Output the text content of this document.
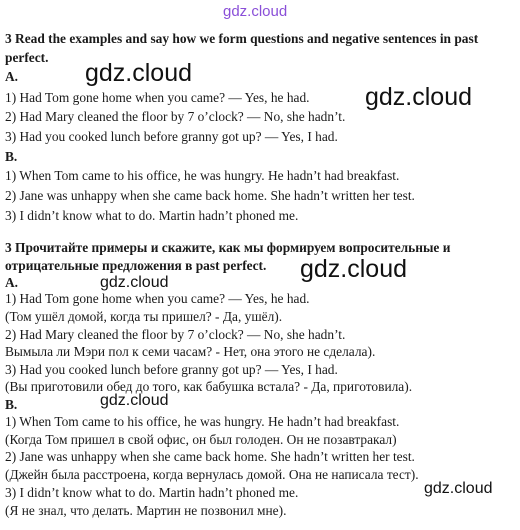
gdz.cloud
gdz.cloud
gdz.cloud
gdz.cloud
gdz.cloud
gdz.cloud
gdz.cloud
3 Read the examples and say how we form questions and negative sentences in past perfect.
A.
1) Had Tom gone home when you came? — Yes, he had.
2) Had Mary cleaned the floor by 7 o’clock? — No, she hadn’t.
3) Had you cooked lunch before granny got up? — Yes, I had.
B.
1) When Tom came to his office, he was hungry. He hadn’t had breakfast.
2) Jane was unhappy when she came back home. She hadn’t written her test.
3) I didn’t know what to do. Martin hadn’t phoned me.
3 Прочитайте примеры и скажите, как мы формируем вопросительные и
отрицательные предложения в past perfect.
A.
1) Had Tom gone home when you came? — Yes, he had.
(Том ушёл домой, когда ты пришел? - Да, ушёл).
2) Had Mary cleaned the floor by 7 o’clock? — No, she hadn’t.
Вымыла ли Мэри пол к семи часам? - Нет, она этого не сделала).
3) Had you cooked lunch before granny got up? — Yes, I had.
(Вы приготовили обед до того, как бабушка встала? - Да, приготовила).
B.
1) When Tom came to his office, he was hungry. He hadn’t had breakfast.
(Когда Том пришел в свой офис, он был голоден. Он не позавтракал)
2) Jane was unhappy when she came back home. She hadn’t written her test.
(Джейн была расстроена, когда вернулась домой. Она не написала тест).
3) I didn’t know what to do. Martin hadn’t phoned me.
(Я не знал, что делать. Мартин не позвонил мне).
